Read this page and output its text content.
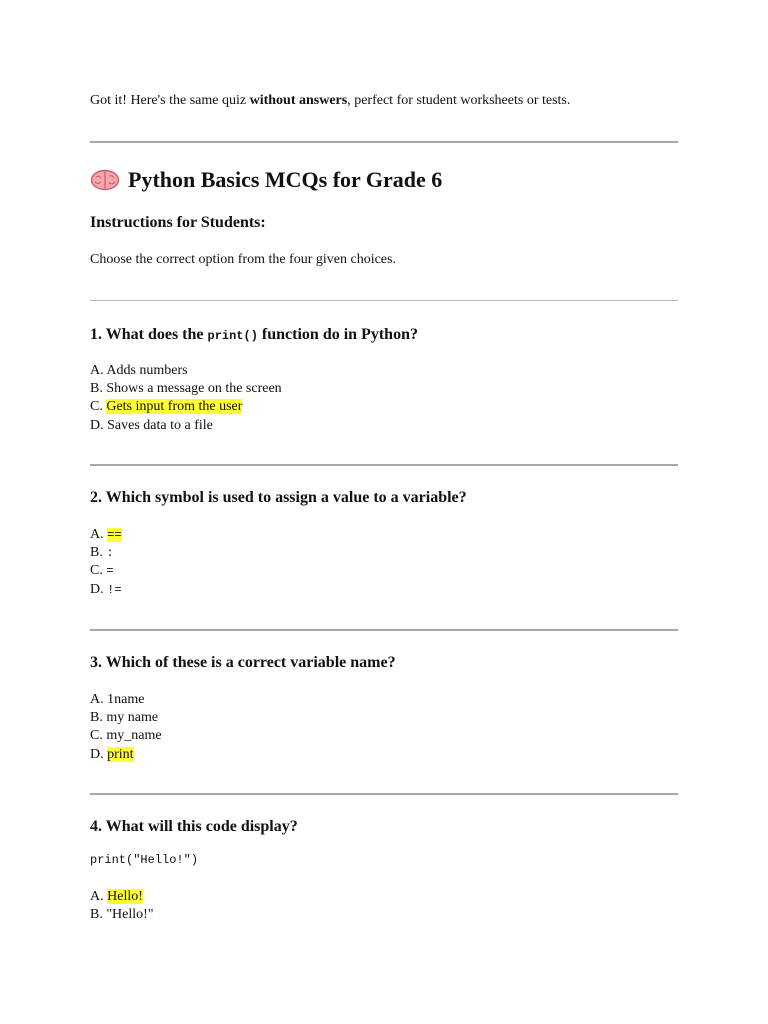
Got it! Here's the same quiz without answers, perfect for student worksheets or tests.
Python Basics MCQs for Grade 6
Instructions for Students:
Choose the correct option from the four given choices.
1. What does the print() function do in Python?
A. Adds numbers
B. Shows a message on the screen
C. Gets input from the user
D. Saves data to a file
2. Which symbol is used to assign a value to a variable?
A. ==
B. :
C. =
D. !=
3. Which of these is a correct variable name?
A. 1name
B. my name
C. my_name
D. print
4. What will this code display?
print("Hello!")
A. Hello!
B. "Hello!"
